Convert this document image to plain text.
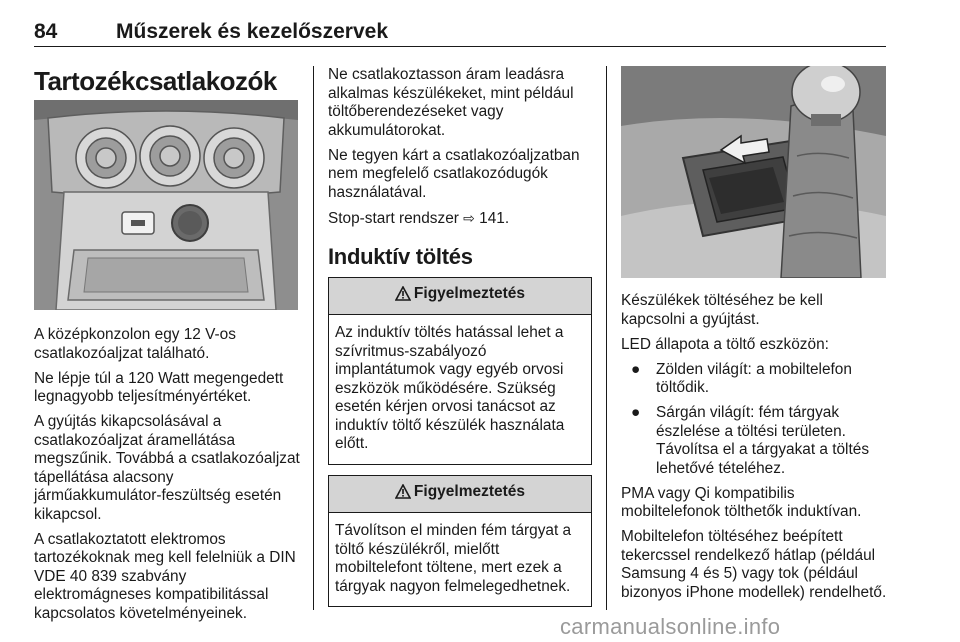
84	Műszerek és kezelőszervek
Tartozékcsatlakozók

A középkonzolon egy 12 V-os csatlakozóaljzat található.

Ne lépje túl a 120 Watt megengedett legnagyobb teljesítményértéket.

A gyújtás kikapcsolásával a csatlakozóaljzat áramellátása megszűnik. Továbbá a csatlakozóaljzat tápellátása alacsony járműakkumulátor-feszültség esetén kikapcsol.

A csatlakoztatott elektromos tartozékoknak meg kell felelniük a DIN VDE 40 839 szabvány elektromágneses kompatibilitással kapcsolatos követelményeinek.

Ne csatlakoztasson áram leadásra alkalmas készülékeket, mint például töltőberendezéseket vagy akkumulátorokat.

Ne tegyen kárt a csatlakozóaljzatban nem megfelelő csatlakozódugók használatával.

Stop-start rendszer ⇨ 141.

Induktív töltés
Figyelmeztetés
Az induktív töltés hatással lehet a szívritmus-szabályozó implantátumok vagy egyéb orvosi eszközök működésére. Szükség esetén kérjen orvosi tanácsot az induktív töltő készülék használata előtt.
Figyelmeztetés
Távolítson el minden fém tárgyat a töltő készülékről, mielőtt mobiltelefont töltene, mert ezek a tárgyak nagyon felmelegedhetnek.

Készülékek töltéséhez be kell kapcsolni a gyújtást.

LED állapota a töltő eszközön:

● Zölden világít: a mobiltelefon töltődik.
● Sárgán világít: fém tárgyak észlelése a töltési területen. Távolítsa el a tárgyakat a töltés lehetővé tételéhez.

PMA vagy Qi kompatibilis mobiltelefonok tölthetők induktívan.

Mobiltelefon töltéséhez beépített tekercssel rendelkező hátlap (például Samsung 4 és 5) vagy tok (például bizonyos iPhone modellek) rendelhető.

carmanualsonline.info
